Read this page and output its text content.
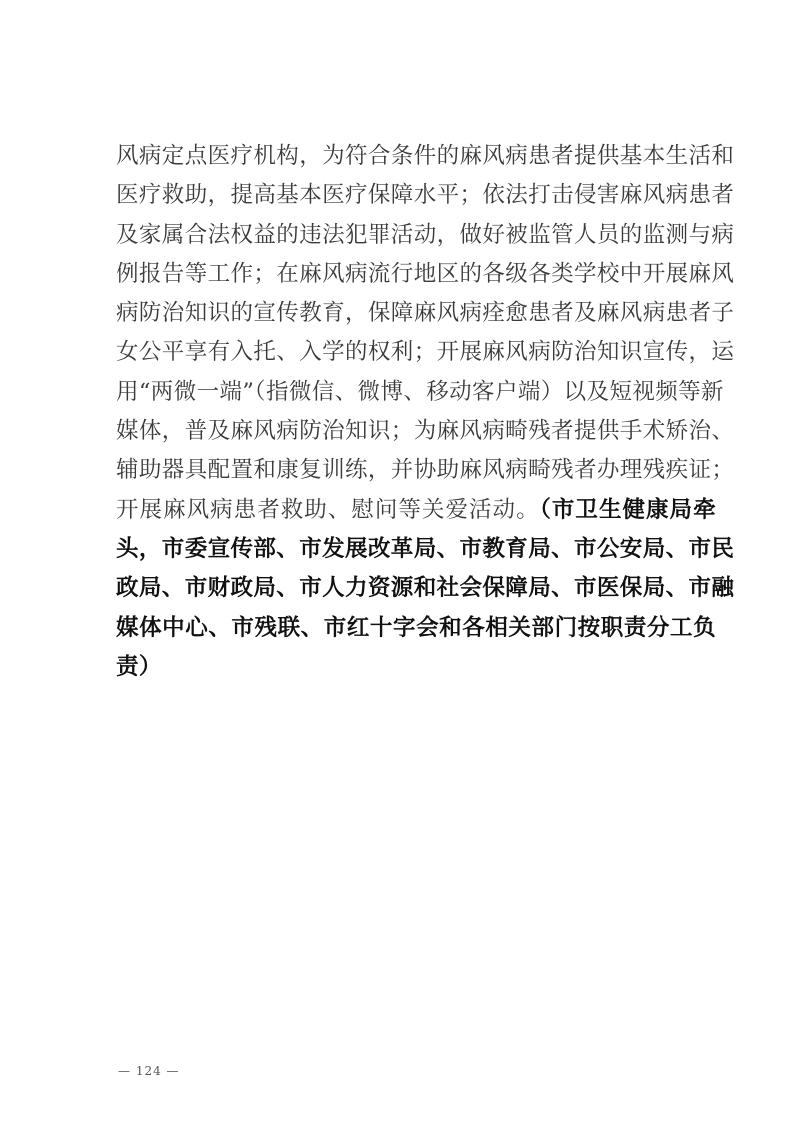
风病定点医疗机构，为符合条件的麻风病患者提供基本生活和
医疗救助，提高基本医疗保障水平；依法打击侵害麻风病患者
及家属合法权益的违法犯罪活动，做好被监管人员的监测与病
例报告等工作；在麻风病流行地区的各级各类学校中开展麻风
病防治知识的宣传教育，保障麻风病痊愈患者及麻风病患者子
女公平享有入托、入学的权利；开展麻风病防治知识宣传，运
用“两微一端”（指微信、微博、移动客户端）以及短视频等新
媒体，普及麻风病防治知识；为麻风病畸残者提供手术矫治、
辅助器具配置和康复训练，并协助麻风病畸残者办理残疾证；
开展麻风病患者救助、慰问等关爱活动。（市卫生健康局牵
头，市委宣传部、市发展改革局、市教育局、市公安局、市民
政局、市财政局、市人力资源和社会保障局、市医保局、市融
媒体中心、市残联、市红十字会和各相关部门按职责分工负
责）
— 124 —
